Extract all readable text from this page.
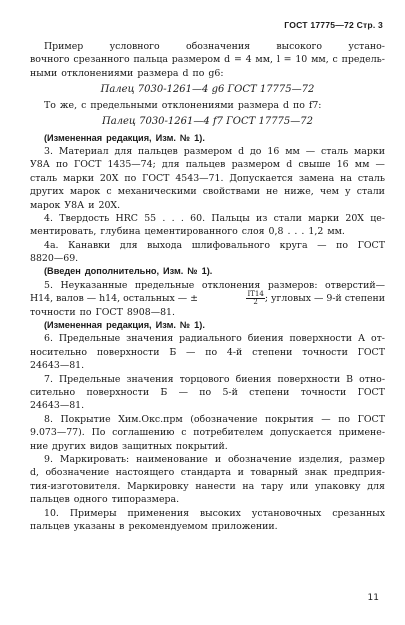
ГОСТ 17775—72 Стр. 3
Пример	условного	обозначения	высокого	устано-
вочного срезанного пальца размером d = 4 мм, l = 10 мм, с предель-
ными отклонениями размера d по g6:
Палец 7030-1261—4 g6 ГОСТ 17775—72
То же, с предельными отклонениями размера d по f7:
Палец 7030-1261—4 f7 ГОСТ 17775—72
(Измененная редакция, Изм. № 1).
3. Материал для пальцев размером d до 16 мм — сталь марки
У8А по ГОСТ 1435—74; для пальцев размером d свыше 16 мм —
сталь марки 20Х по ГОСТ 4543—71. Допускается замена на сталь
других марок с механическими свойствами не ниже, чем у стали
марок У8А и 20Х.
4. Твердость HRC 55 . . . 60. Пальцы из стали марки 20Х це-
ментировать, глубина цементированного слоя 0,8 . . . 1,2 мм.
4а. Канавки для выхода шлифовального круга — по ГОСТ
8820—69.
(Введен дополнительно, Изм. № 1).
5. Неуказанные предельные отклонения размеров: отверстий—
Н14, валов — h14, остальных — ±	$\frac{IT14}{2}$ ; угловых — 9-й степени
точности по ГОСТ 8908—81.
(Измененная редакция, Изм. № 1).
6. Предельные значения радиального биения поверхности А от-
носительно поверхности Б — по 4-й степени точности ГОСТ
24643—81.
7. Предельные значения торцового биения поверхности В отно-
сительно поверхности Б — по 5-й степени точности ГОСТ
24643—81.
8. Покрытие Хим.Окс.прм (обозначение покрытия — по ГОСТ
9.073—77). По соглашению с потребителем допускается примене-
ние других видов защитных покрытий.
9. Маркировать: наименование и обозначение изделия, размер
d, обозначение настоящего стандарта и товарный знак предприя-
тия-изготовителя. Маркировку нанести на тару или упаковку для
пальцев одного типоразмера.
10. Примеры применения высоких установочных срезанных
пальцев указаны в рекомендуемом приложении.
11
